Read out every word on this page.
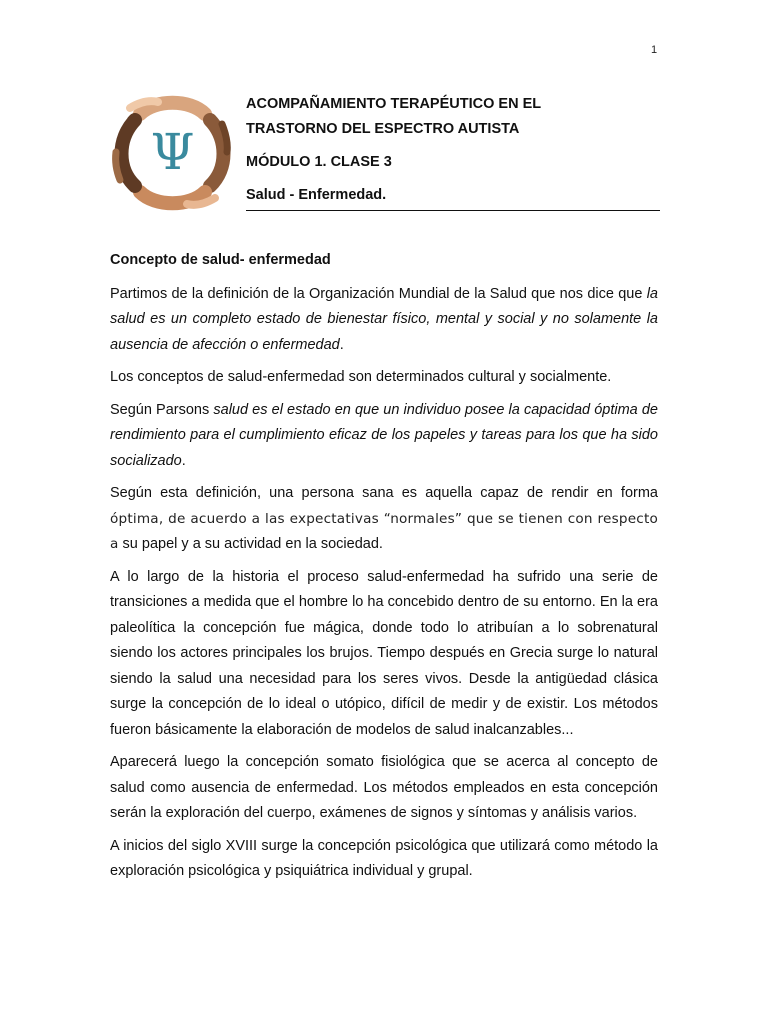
1
Ψ
ACOMPAÑAMIENTO TERAPÉUTICO EN EL
TRASTORNO DEL ESPECTRO AUTISTA
MÓDULO 1. CLASE 3
Salud - Enfermedad.
Concepto de salud- enfermedad

Partimos de la definición de la Organización Mundial de la Salud que nos dice que la salud es un completo estado de bienestar físico, mental y social y no solamente la ausencia de afección o enfermedad.

Los conceptos de salud-enfermedad son determinados cultural y socialmente.

Según Parsons salud es el estado en que un individuo posee la capacidad óptima de rendimiento para el cumplimiento eficaz de los papeles y tareas para los que ha sido socializado.

Según esta definición, una persona sana es aquella capaz de rendir en forma óptima, de acuerdo a las expectativas “normales” que se tienen con respecto a su papel y a su actividad en la sociedad.

A lo largo de la historia el proceso salud-enfermedad ha sufrido una serie de transiciones a medida que el hombre lo ha concebido dentro de su entorno. En la era paleolítica la concepción fue mágica, donde todo lo atribuían a lo sobrenatural siendo los actores principales los brujos. Tiempo después en Grecia surge lo natural siendo la salud una necesidad para los seres vivos. Desde la antigüedad clásica surge la concepción de lo ideal o utópico, difícil de medir y de existir. Los métodos fueron básicamente la elaboración de modelos de salud inalcanzables...

Aparecerá luego la concepción somato fisiológica que se acerca al concepto de salud como ausencia de enfermedad. Los métodos empleados en esta concepción serán la exploración del cuerpo, exámenes de signos y síntomas y análisis varios.

A inicios del siglo XVIII surge la concepción psicológica que utilizará como método la exploración psicológica y psiquiátrica individual y grupal.
